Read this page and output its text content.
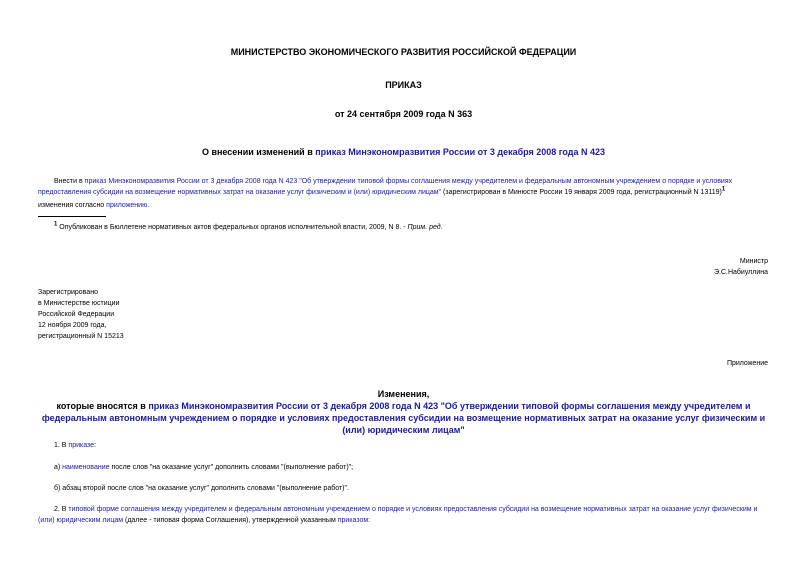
МИНИСТЕРСТВО ЭКОНОМИЧЕСКОГО РАЗВИТИЯ РОССИЙСКОЙ ФЕДЕРАЦИИ
ПРИКАЗ
от 24 сентября 2009 года N 363
О внесении изменений в приказ Минэкономразвития России от 3 декабря 2008 года N 423
Внести в приказ Минэкономразвития России от 3 декабря 2008 года N 423 "Об утверждении типовой формы соглашения между учредителем и федеральным автономным учреждением о порядке и условиях предоставления субсидии на возмещение нормативных затрат на оказание услуг физическим и (или) юридическим лицам" (зарегистрирован в Минюсте России 19 января 2009 года, регистрационный N 13119)$^1$
изменения согласно приложению.
$^1$ Опубликован в Бюллетене нормативных актов федеральных органов исполнительной власти, 2009, N 8. - Прим. ред.
Министр
Э.С.Набиуллина
Зарегистрировано
в Министерстве юстиции
Российской Федерации
12 ноября 2009 года,
регистрационный N 15213
Приложение
Изменения,
которые вносятся в приказ Минэкономразвития России от 3 декабря 2008 года N 423 "Об утверждении типовой формы соглашения между учредителем и федеральным автономным учреждением о порядке и условиях предоставления субсидии на возмещение нормативных затрат на оказание услуг физическим и (или) юридическим лицам"
1. В приказе:
а) наименование после слов "на оказание услуг" дополнить словами "(выполнение работ)";
б) абзац второй после слов "на оказание услуг" дополнить словами "(выполнение работ)".
2. В типовой форме соглашения между учредителем и федеральным автономным учреждением о порядке и условиях предоставления субсидии на возмещение нормативных затрат на оказание услуг физическим и (или) юридическим лицам (далее - типовая форма Соглашения), утвержденной указанным приказом:
